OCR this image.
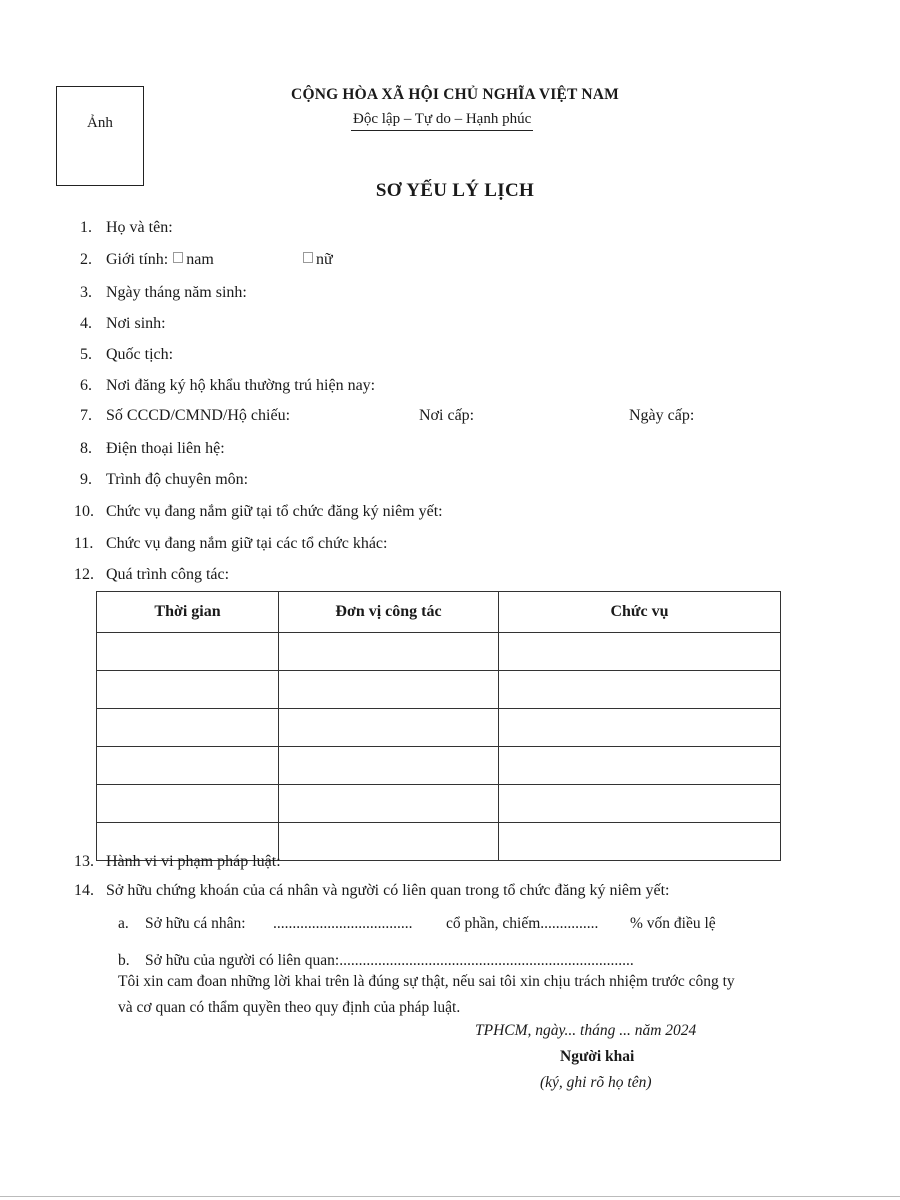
Ảnh
CỘNG HÒA XÃ HỘI CHỦ NGHĨA VIỆT NAM
Độc lập – Tự do – Hạnh phúc
SƠ YẾU LÝ LỊCH
1. Họ và tên:
2. Giới tính: nam	nữ
3. Ngày tháng năm sinh:
4. Nơi sinh:
5. Quốc tịch:
6. Nơi đăng ký hộ khẩu thường trú hiện nay:
7. Số CCCD/CMND/Hộ chiếu:	Nơi cấp:	Ngày cấp:
8. Điện thoại liên hệ:
9. Trình độ chuyên môn:
10. Chức vụ đang nắm giữ tại tổ chức đăng ký niêm yết:
11. Chức vụ đang nắm giữ tại các tổ chức khác:
12. Quá trình công tác:
Thời gian	Đơn vị công tác	Chức vụ

13. Hành vi vi phạm pháp luật:
14. Sở hữu chứng khoán của cá nhân và người có liên quan trong tổ chức đăng ký niêm yết:
a. Sở hữu cá nhân: .................................... cổ phần, chiếm............... % vốn điều lệ
b. Sở hữu của người có liên quan:............................................................................
Tôi xin cam đoan những lời khai trên là đúng sự thật, nếu sai tôi xin chịu trách nhiệm trước công ty
và cơ quan có thẩm quyền theo quy định của pháp luật.
TPHCM, ngày... tháng ... năm 2024
Người khai
(ký, ghi rõ họ tên)
